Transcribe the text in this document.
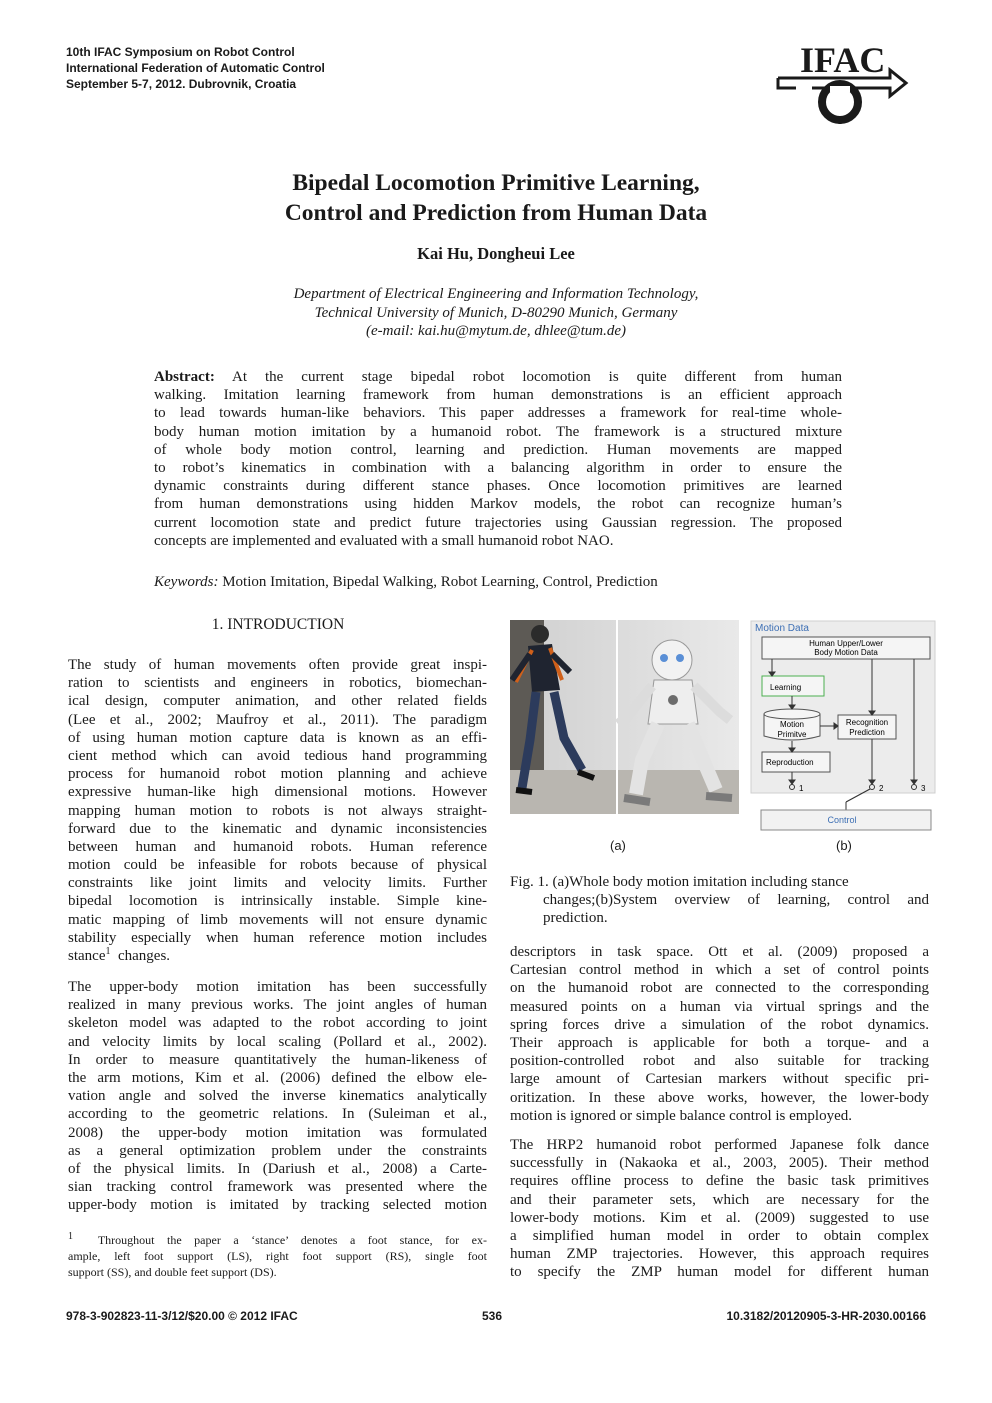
10th IFAC Symposium on Robot Control
International Federation of Automatic Control
September 5-7, 2012. Dubrovnik, Croatia
IFAC
Bipedal Locomotion Primitive Learning,
Control and Prediction from Human Data
Kai Hu, Dongheui Lee
Department of Electrical Engineering and Information Technology,
Technical University of Munich, D-80290 Munich, Germany
(e-mail: kai.hu@mytum.de, dhlee@tum.de)
Abstract: At the current stage bipedal robot locomotion is quite different from human
walking. Imitation learning framework from human demonstrations is an efficient approach
to lead towards human-like behaviors. This paper addresses a framework for real-time whole-
body human motion imitation by a humanoid robot. The framework is a structured mixture
of whole body motion control, learning and prediction. Human movements are mapped
to robot’s kinematics in combination with a balancing algorithm in order to ensure the
dynamic constraints during different stance phases. Once locomotion primitives are learned
from human demonstrations using hidden Markov models, the robot can recognize human’s
current locomotion state and predict future trajectories using Gaussian regression. The proposed
concepts are implemented and evaluated with a small humanoid robot NAO.
Keywords: Motion Imitation, Bipedal Walking, Robot Learning, Control, Prediction
1. INTRODUCTION
The study of human movements often provide great inspi-
ration to scientists and engineers in robotics, biomechan-
ical design, computer animation, and other related fields
(Lee et al., 2002; Maufroy et al., 2011). The paradigm
of using human motion capture data is known as an effi-
cient method which can avoid tedious hand programming
process for humanoid robot motion planning and achieve
expressive human-like high dimensional motions. However
mapping human motion to robots is not always straight-
forward due to the kinematic and dynamic inconsistencies
between human and humanoid robots. Human reference
motion could be infeasible for robots because of physical
constraints like joint limits and velocity limits. Further
bipedal locomotion is intrinsically instable. Simple kine-
matic mapping of limb movements will not ensure dynamic
stability especially when human reference motion includes
stance$^1$ changes.
The upper-body motion imitation has been successfully
realized in many previous works. The joint angles of human
skeleton model was adapted to the robot according to joint
and velocity limits by local scaling (Pollard et al., 2002).
In order to measure quantitatively the human-likeness of
the arm motions, Kim et al. (2006) defined the elbow ele-
vation angle and solved the inverse kinematics analytically
according to the geometric relations. In (Suleiman et al.,
2008) the upper-body motion imitation was formulated
as a general optimization problem under the constraints
of the physical limits. In (Dariush et al., 2008) a Carte-
sian tracking control framework was presented where the
upper-body motion is imitated by tracking selected motion
$^1$ Throughout the paper a ‘stance’ denotes a foot stance, for ex-
ample, left foot support (LS), right foot support (RS), single foot
support (SS), and double feet support (DS).
Motion Data
Human Upper/Lower
Body Motion Data
Learning
Motion
Primitve
Recognition
Prediction
Reproduction
1	2	3
Control
(a)	(b)
Fig. 1. (a)Whole body motion imitation including stance
changes;(b)System overview of learning, control and
prediction.
descriptors in task space. Ott et al. (2009) proposed a
Cartesian control method in which a set of control points
on the humanoid robot are connected to the corresponding
measured points on a human via virtual springs and the
spring forces drive a simulation of the robot dynamics.
Their approach is applicable for both a torque- and a
position-controlled robot and also suitable for tracking
large amount of Cartesian markers without specific pri-
oritization. In these above works, however, the lower-body
motion is ignored or simple balance control is employed.
The HRP2 humanoid robot performed Japanese folk dance
successfully in (Nakaoka et al., 2003, 2005). Their method
requires offline process to define the basic task primitives
and their parameter sets, which are necessary for the
lower-body motions. Kim et al. (2009) suggested to use
a simplified human model in order to obtain complex
human ZMP trajectories. However, this approach requires
to specify the ZMP human model for different human
978-3-902823-11-3/12/$20.00 © 2012 IFAC	536	10.3182/20120905-3-HR-2030.00166
